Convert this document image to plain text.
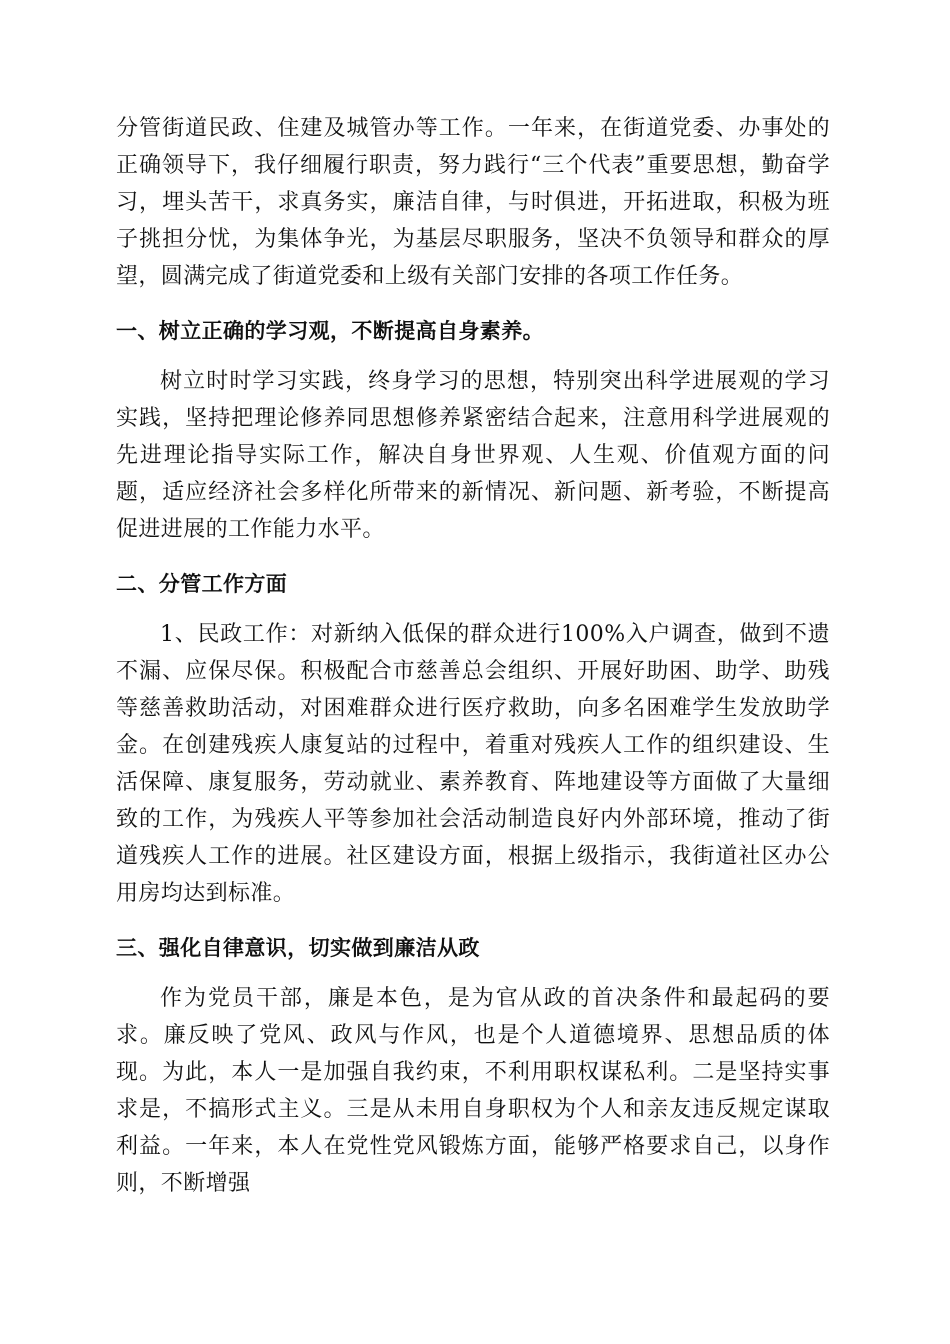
分管街道民政、住建及城管办等工作。一年来，在街道党委、办事处的正确领导下，我仔细履行职责，努力践行“三个代表”重要思想，勤奋学习，埋头苦干，求真务实，廉洁自律，与时俱进，开拓进取，积极为班子挑担分忧，为集体争光，为基层尽职服务，坚决不负领导和群众的厚望，圆满完成了街道党委和上级有关部门安排的各项工作任务。

一、树立正确的学习观，不断提高自身素养。

树立时时学习实践，终身学习的思想，特别突出科学进展观的学习实践，坚持把理论修养同思想修养紧密结合起来，注意用科学进展观的先进理论指导实际工作，解决自身世界观、人生观、价值观方面的问题，适应经济社会多样化所带来的新情况、新问题、新考验，不断提高促进进展的工作能力水平。

二、分管工作方面

1、民政工作：对新纳入低保的群众进行100%入户调查，做到不遗不漏、应保尽保。积极配合市慈善总会组织、开展好助困、助学、助残等慈善救助活动，对困难群众进行医疗救助，向多名困难学生发放助学金。在创建残疾人康复站的过程中，着重对残疾人工作的组织建设、生活保障、康复服务，劳动就业、素养教育、阵地建设等方面做了大量细致的工作，为残疾人平等参加社会活动制造良好内外部环境，推动了街道残疾人工作的进展。社区建设方面，根据上级指示，我街道社区办公用房均达到标准。

三、强化自律意识，切实做到廉洁从政

作为党员干部，廉是本色，是为官从政的首决条件和最起码的要求。廉反映了党风、政风与作风，也是个人道德境界、思想品质的体现。为此，本人一是加强自我约束，不利用职权谋私利。二是坚持实事求是，不搞形式主义。三是从未用自身职权为个人和亲友违反规定谋取利益。一年来，本人在党性党风锻炼方面，能够严格要求自己，以身作则，不断增强
